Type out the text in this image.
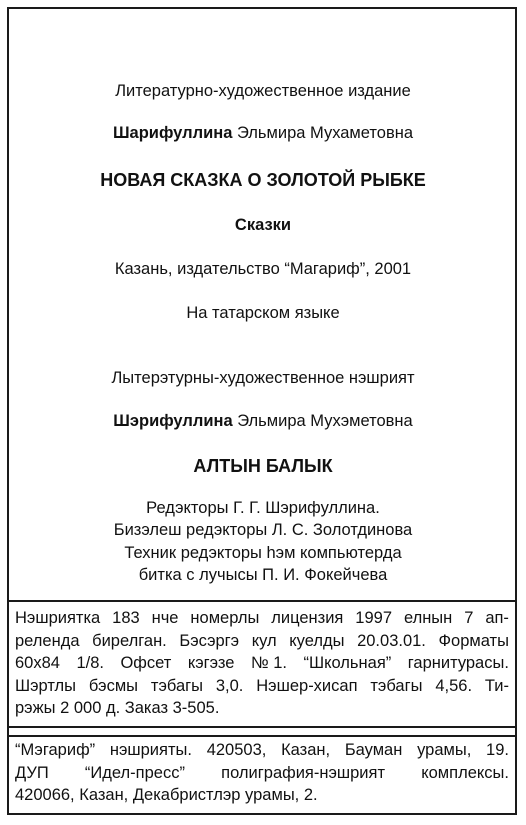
Литературно-художественное издание
Шарифуллина Эльмира Мухаметовна
НОВАЯ СКАЗКА О ЗОЛОТОЙ РЫБКЕ
Сказки
Казань, издательство “Магариф”, 2001
На татарском языке
Лытерэтурны-художественное нэшрият
Шэрифуллина Эльмира Мухэметовна
АЛТЫН БАЛЫК
Редэкторы Г. Г. Шэрифуллина.
Бизэлеш редэкторы Л. С. Золотдинова
Техник редэкторы hэм компьютерда
битка с лучысы П. И. Фокейчева
Нэшриятка 183 нче номерлы лицензия 1997 елнын 7 ап-
реленда бирелган. Бэсэргэ кул куелды 20.03.01. Форматы
60x84 1/8. Офсет кэгэзе № 1. “Школьная” гарнитурасы.
Шэртлы бэсмы тэбагы 3,0. Нэшер-хисап тэбагы 4,56. Ти-
рэжы 2 000 д. Заказ 3-505.
“Мэгариф” нэшрияты. 420503, Казан, Бауман урамы, 19.
ДУП “Идел-пресс” полиграфия-нэшрият комплексы.
420066, Казан, Декабристлэр урамы, 2.
